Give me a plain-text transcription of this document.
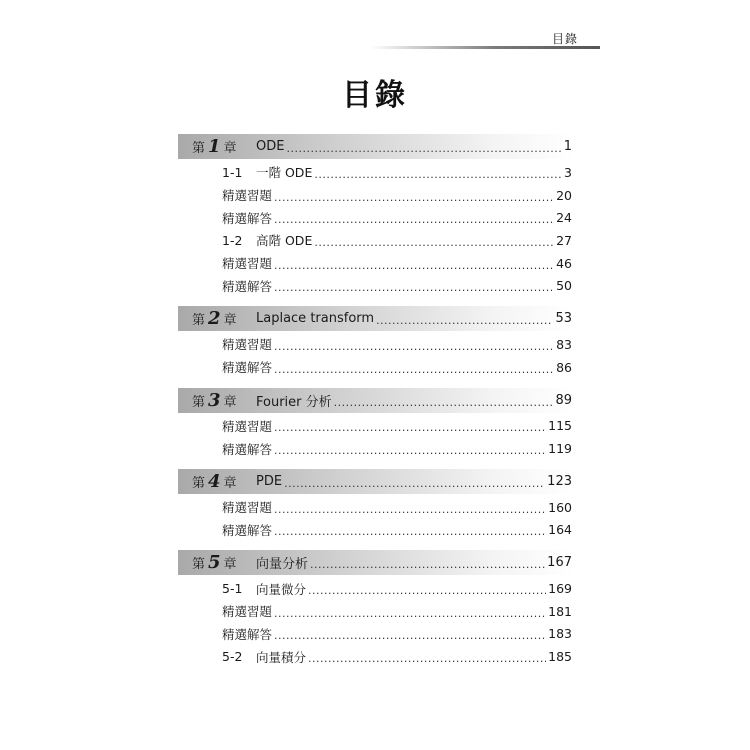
目錄
目錄
第 1 章	ODE .....	1
1-1	一階 ODE .....	3
精選習題 .....	20
精選解答 .....	24
1-2	高階 ODE .....	27
精選習題 .....	46
精選解答 .....	50
第 2 章	Laplace transform .....	53
精選習題 .....	83
精選解答 .....	86
第 3 章	Fourier 分析 .....	89
精選習題 .....	115
精選解答 .....	119
第 4 章	PDE .....	123
精選習題 .....	160
精選解答 .....	164
第 5 章	向量分析 .....	167
5-1	向量微分 .....	169
精選習題 .....	181
精選解答 .....	183
5-2	向量積分 .....	185
